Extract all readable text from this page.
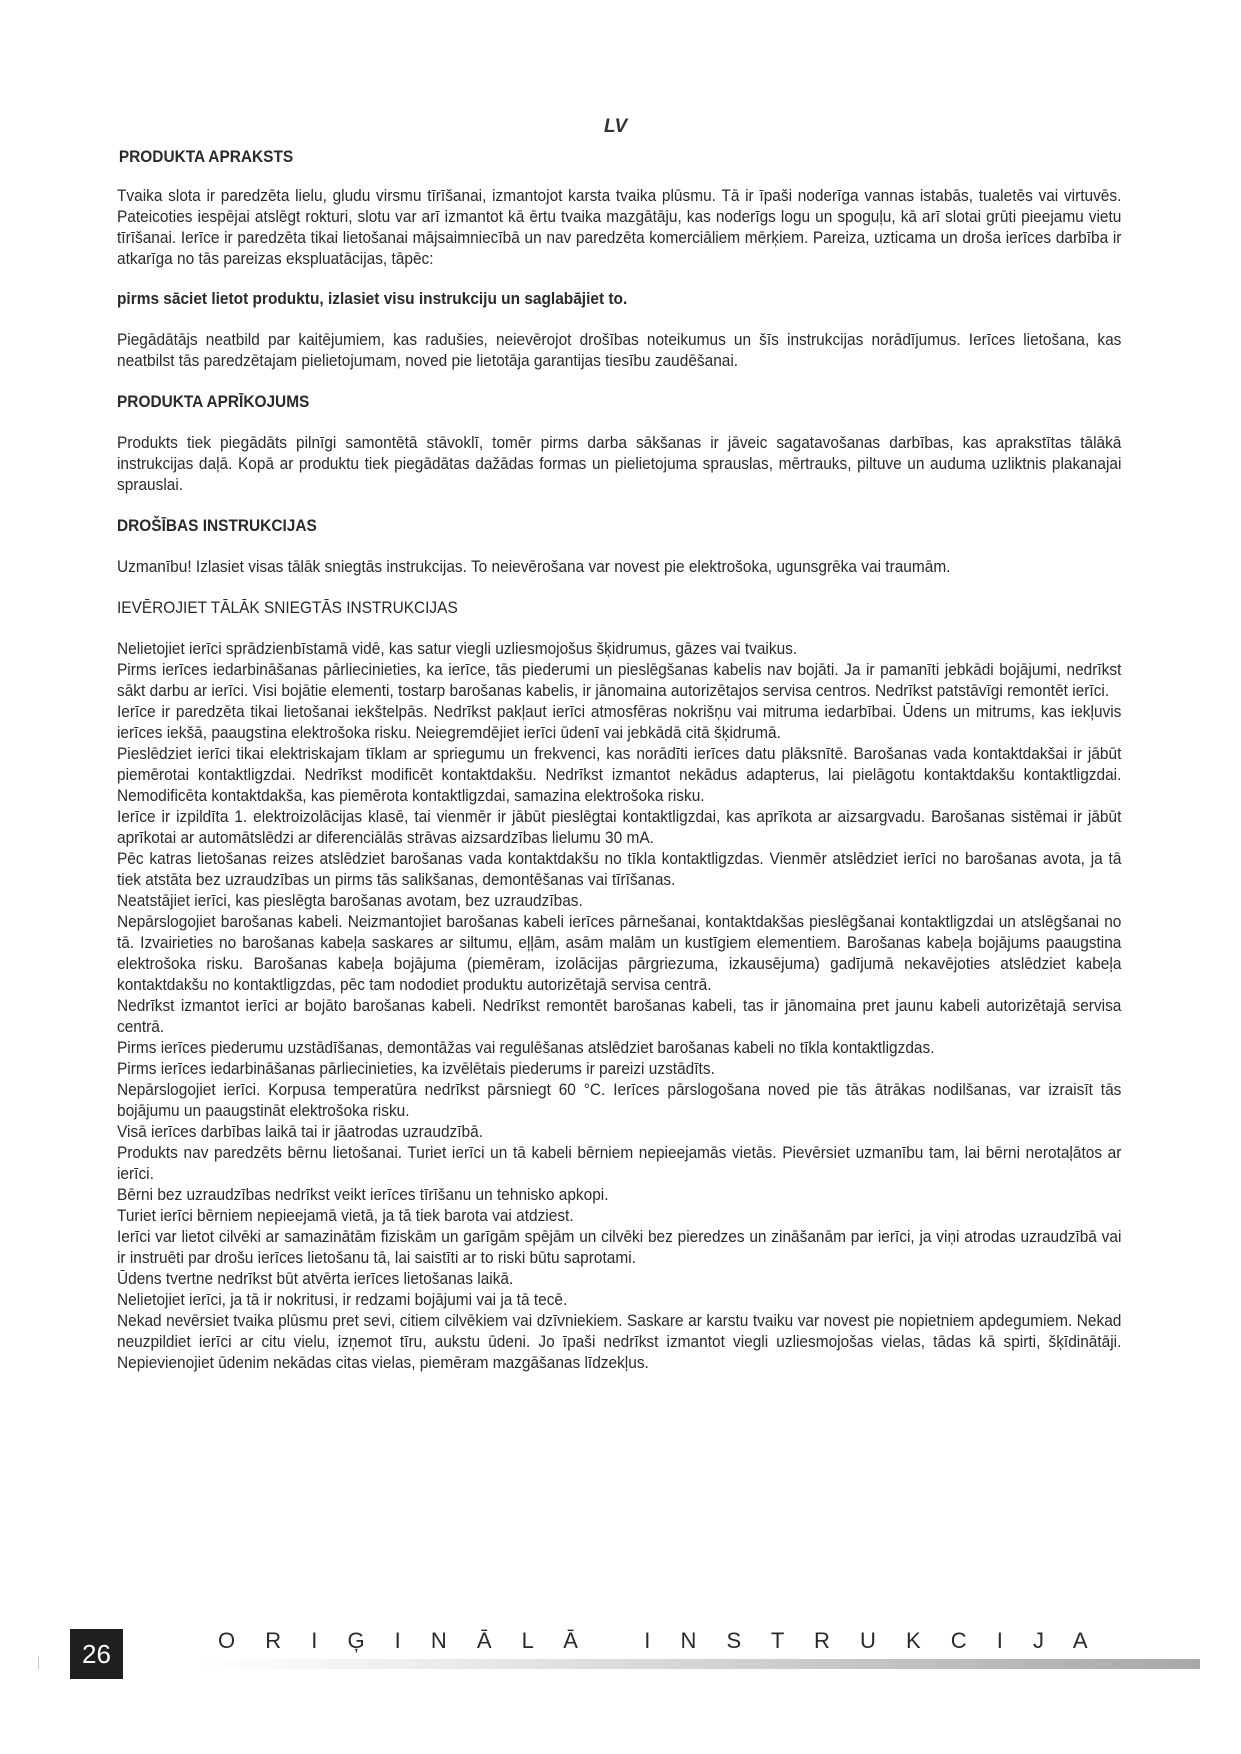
LV

PRODUKTA APRAKSTS

Tvaika slota ir paredzēta lielu, gludu virsmu tīrīšanai, izmantojot karsta tvaika plūsmu. Tā ir īpaši noderīga vannas istabās, tualetēs vai virtuvēs. Pateicoties iespējai atslēgt rokturi, slotu var arī izmantot kā ērtu tvaika mazgātāju, kas noderīgs logu un spoguļu, kā arī slotai grūti pieejamu vietu tīrīšanai. Ierīce ir paredzēta tikai lietošanai mājsaimniecībā un nav paredzēta komerciāliem mērķiem. Pareiza, uzticama un droša ierīces darbība ir atkarīga no tās pareizas ekspluatācijas, tāpēc:

pirms sāciet lietot produktu, izlasiet visu instrukciju un saglabājiet to.

Piegādātājs neatbild par kaitējumiem, kas radušies, neievērojot drošības noteikumus un šīs instrukcijas norādījumus. Ierīces lietošana, kas neatbilst tās paredzētajam pielietojumam, noved pie lietotāja garantijas tiesību zaudēšanai.

PRODUKTA APRĪKOJUMS

Produkts tiek piegādāts pilnīgi samontētā stāvoklī, tomēr pirms darba sākšanas ir jāveic sagatavošanas darbības, kas aprakstītas tālākā instrukcijas daļā. Kopā ar produktu tiek piegādātas dažādas formas un pielietojuma sprauslas, mērtrauks, piltuve un auduma uzliktnis plakanajai sprauslai.

DROŠĪBAS INSTRUKCIJAS

Uzmanību! Izlasiet visas tālāk sniegtās instrukcijas. To neievērošana var novest pie elektrošoka, ugunsgrēka vai traumām.

IEVĒROJIET TĀLĀK SNIEGTĀS INSTRUKCIJAS

Nelietojiet ierīci sprādzienbīstamā vidē, kas satur viegli uzliesmojošus šķidrumus, gāzes vai tvaikus.

Pirms ierīces iedarbināšanas pārliecinieties, ka ierīce, tās piederumi un pieslēgšanas kabelis nav bojāti. Ja ir pamanīti jebkādi bojājumi, nedrīkst sākt darbu ar ierīci. Visi bojātie elementi, tostarp barošanas kabelis, ir jānomaina autorizētajos servisa centros. Nedrīkst patstāvīgi remontēt ierīci.

Ierīce ir paredzēta tikai lietošanai iekštelpās. Nedrīkst pakļaut ierīci atmosfēras nokrišņu vai mitruma iedarbībai. Ūdens un mitrums, kas iekļuvis ierīces iekšā, paaugstina elektrošoka risku. Neiegremdējiet ierīci ūdenī vai jebkādā citā šķidrumā.

Pieslēdziet ierīci tikai elektriskajam tīklam ar spriegumu un frekvenci, kas norādīti ierīces datu plāksnītē. Barošanas vada kontaktdakšai ir jābūt piemērotai kontaktligzdai. Nedrīkst modificēt kontaktdakšu. Nedrīkst izmantot nekādus adapterus, lai pielāgotu kontaktdakšu kontaktligzdai. Nemodificēta kontaktdakša, kas piemērota kontaktligzdai, samazina elektrošoka risku.

Ierīce ir izpildīta 1. elektroizolācijas klasē, tai vienmēr ir jābūt pieslēgtai kontaktligzdai, kas aprīkota ar aizsargvadu. Barošanas sistēmai ir jābūt aprīkotai ar automātslēdzi ar diferenciālās strāvas aizsardzības lielumu 30 mA.

Pēc katras lietošanas reizes atslēdziet barošanas vada kontaktdakšu no tīkla kontaktligzdas. Vienmēr atslēdziet ierīci no barošanas avota, ja tā tiek atstāta bez uzraudzības un pirms tās salikšanas, demontēšanas vai tīrīšanas.

Neatstājiet ierīci, kas pieslēgta barošanas avotam, bez uzraudzības.

Nepārslogojiet barošanas kabeli. Neizmantojiet barošanas kabeli ierīces pārnešanai, kontaktdakšas pieslēgšanai kontaktligzdai un atslēgšanai no tā. Izvairieties no barošanas kabeļa saskares ar siltumu, eļļām, asām malām un kustīgiem elementiem. Barošanas kabeļa bojājums paaugstina elektrošoka risku. Barošanas kabeļa bojājuma (piemēram, izolācijas pārgriezuma, izkausējuma) gadījumā nekavējoties atslēdziet kabeļa kontaktdakšu no kontaktligzdas, pēc tam nododiet produktu autorizētajā servisa centrā.

Nedrīkst izmantot ierīci ar bojāto barošanas kabeli. Nedrīkst remontēt barošanas kabeli, tas ir jānomaina pret jaunu kabeli autorizētajā servisa centrā.

Pirms ierīces piederumu uzstādīšanas, demontāžas vai regulēšanas atslēdziet barošanas kabeli no tīkla kontaktligzdas.

Pirms ierīces iedarbināšanas pārliecinieties, ka izvēlētais piederums ir pareizi uzstādīts.

Nepārslogojiet ierīci. Korpusa temperatūra nedrīkst pārsniegt 60 °C. Ierīces pārslogošana noved pie tās ātrākas nodilšanas, var izraisīt tās bojājumu un paaugstināt elektrošoka risku.

Visā ierīces darbības laikā tai ir jāatrodas uzraudzībā.

Produkts nav paredzēts bērnu lietošanai. Turiet ierīci un tā kabeli bērniem nepieejamās vietās. Pievērsiet uzmanību tam, lai bērni nerotaļātos ar ierīci.

Bērni bez uzraudzības nedrīkst veikt ierīces tīrīšanu un tehnisko apkopi.

Turiet ierīci bērniem nepieejamā vietā, ja tā tiek barota vai atdziest.

Ierīci var lietot cilvēki ar samazinātām fiziskām un garīgām spējām un cilvēki bez pieredzes un zināšanām par ierīci, ja viņi atrodas uzraudzībā vai ir instruēti par drošu ierīces lietošanu tā, lai saistīti ar to riski būtu saprotami.

Ūdens tvertne nedrīkst būt atvērta ierīces lietošanas laikā.

Nelietojiet ierīci, ja tā ir nokritusi, ir redzami bojājumi vai ja tā tecē.

Nekad nevērsiet tvaika plūsmu pret sevi, citiem cilvēkiem vai dzīvniekiem. Saskare ar karstu tvaiku var novest pie nopietniem apdegumiem. Nekad neuzpildiet ierīci ar citu vielu, izņemot tīru, aukstu ūdeni. Jo īpaši nedrīkst izmantot viegli uzliesmojošas vielas, tādas kā spirti, šķīdinātāji. Nepievienojiet ūdenim nekādas citas vielas, piemēram mazgāšanas līdzekļus.

26	O R I Ģ I N Ā L Ā   I N S T R U K C I J A
